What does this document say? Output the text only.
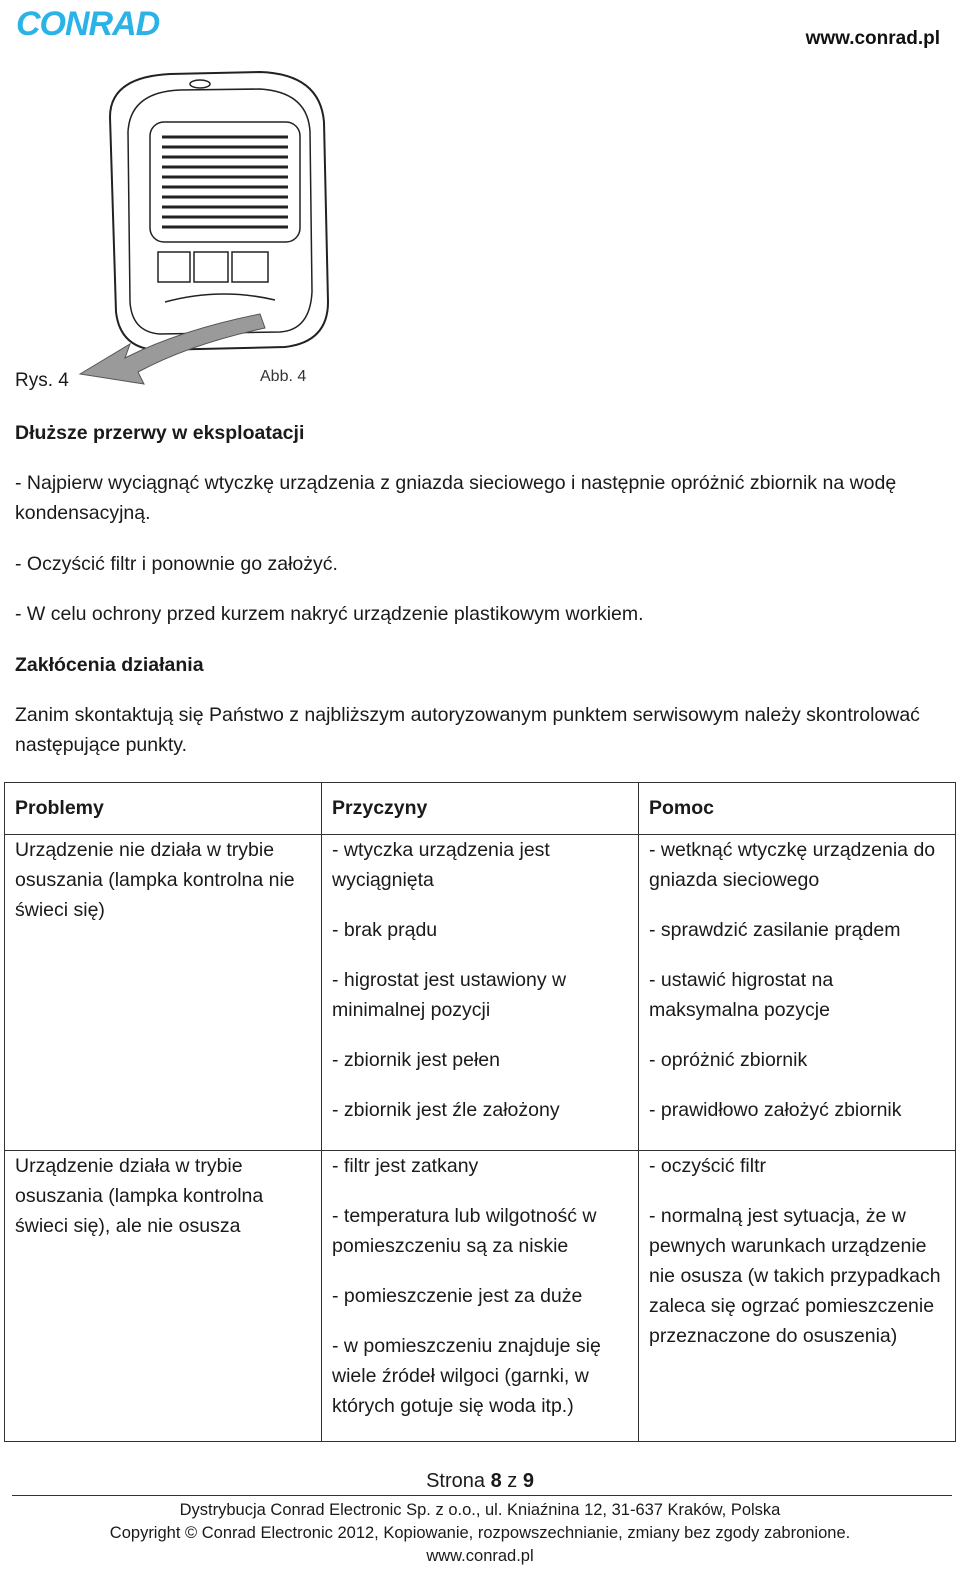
CONRAD	www.conrad.pl
Rys. 4	Abb. 4
Dłuższe przerwy w eksploatacji
- Najpierw wyciągnąć wtyczkę urządzenia z gniazda sieciowego i następnie opróżnić zbiornik na wodę kondensacyjną.
- Oczyścić filtr i ponownie go założyć.
- W celu ochrony przed kurzem nakryć urządzenie plastikowym workiem.
Zakłócenia działania
Zanim skontaktują się Państwo z najbliższym autoryzowanym punktem serwisowym należy skontrolować następujące punkty.
Problemy	Przyczyny	Pomoc

Urządzenie nie działa w trybie osuszania (lampka kontrolna nie świeci się)	- wtyczka urządzenia jest wyciągnięta
- brak prądu
- higrostat jest ustawiony w minimalnej pozycji
- zbiornik jest pełen
- zbiornik jest źle założony	- wetknąć wtyczkę urządzenia do gniazda sieciowego
- sprawdzić zasilanie prądem
- ustawić higrostat na maksymalna pozycje
- opróżnić zbiornik
- prawidłowo założyć zbiornik

Urządzenie działa w trybie osuszania (lampka kontrolna świeci się), ale nie osusza	- filtr jest zatkany
- temperatura lub wilgotność w pomieszczeniu są za niskie
- pomieszczenie jest za duże
- w pomieszczeniu znajduje się wiele źródeł wilgoci (garnki, w których gotuje się woda itp.)	- oczyścić filtr
- normalną jest sytuacja, że w pewnych warunkach urządzenie nie osusza (w takich przypadkach zaleca się ogrzać pomieszczenie przeznaczone do osuszenia)
Strona 8 z 9
Dystrybucja Conrad Electronic Sp. z o.o., ul. Kniaźnina 12, 31-637 Kraków, Polska
Copyright © Conrad Electronic 2012, Kopiowanie, rozpowszechnianie, zmiany bez zgody zabronione.
www.conrad.pl
